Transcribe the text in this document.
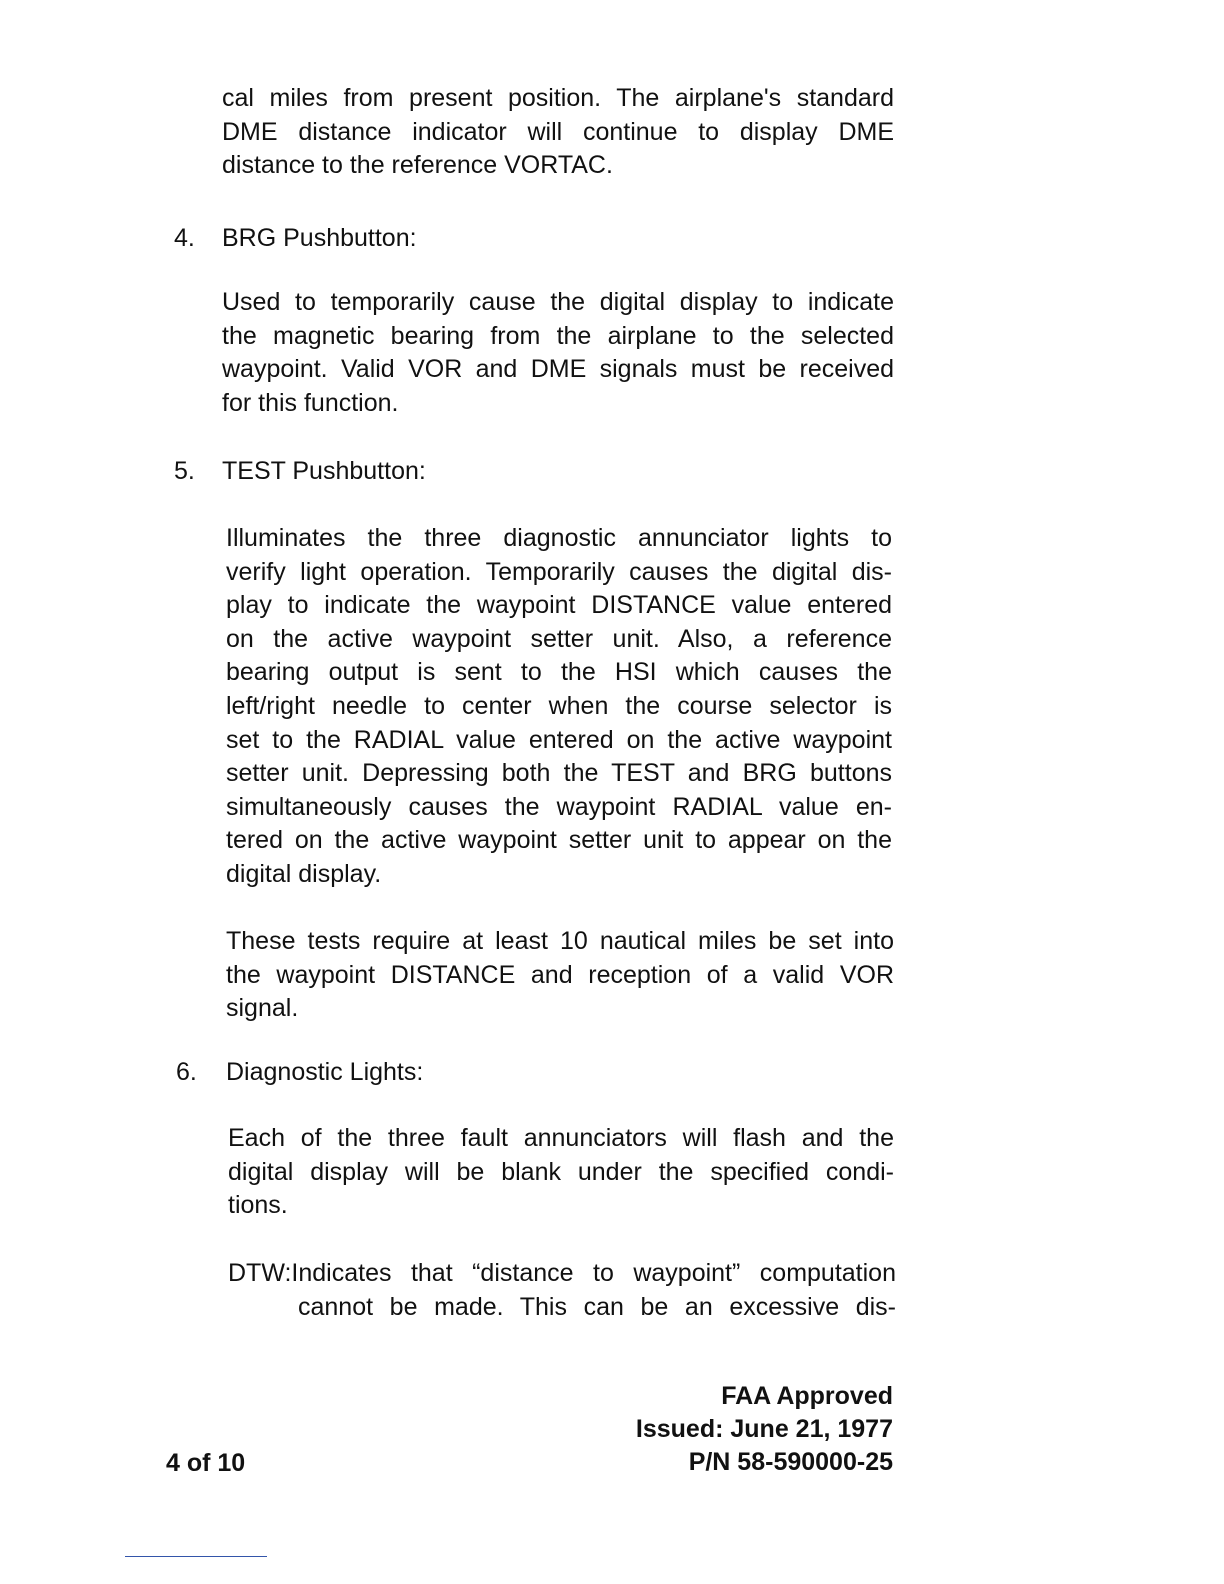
cal miles from present position. The airplane's standard
DME distance indicator will continue to display DME
distance to the reference VORTAC.
4. BRG Pushbutton:
Used to temporarily cause the digital display to indicate
the magnetic bearing from the airplane to the selected
waypoint. Valid VOR and DME signals must be received
for this function.
5. TEST Pushbutton:
Illuminates the three diagnostic annunciator lights to
verify light operation. Temporarily causes the digital dis-
play to indicate the waypoint DISTANCE value entered
on the active waypoint setter unit. Also, a reference
bearing output is sent to the HSI which causes the
left/right needle to center when the course selector is
set to the RADIAL value entered on the active waypoint
setter unit. Depressing both the TEST and BRG buttons
simultaneously causes the waypoint RADIAL value en-
tered on the active waypoint setter unit to appear on the
digital display.
These tests require at least 10 nautical miles be set into
the waypoint DISTANCE and reception of a valid VOR
signal.
6. Diagnostic Lights:
Each of the three fault annunciators will flash and the
digital display will be blank under the specified condi-
tions.
DTW:Indicates that “distance to waypoint” computation
cannot be made. This can be an excessive dis-
FAA Approved
Issued: June 21, 1977
P/N 58-590000-25
4 of 10
